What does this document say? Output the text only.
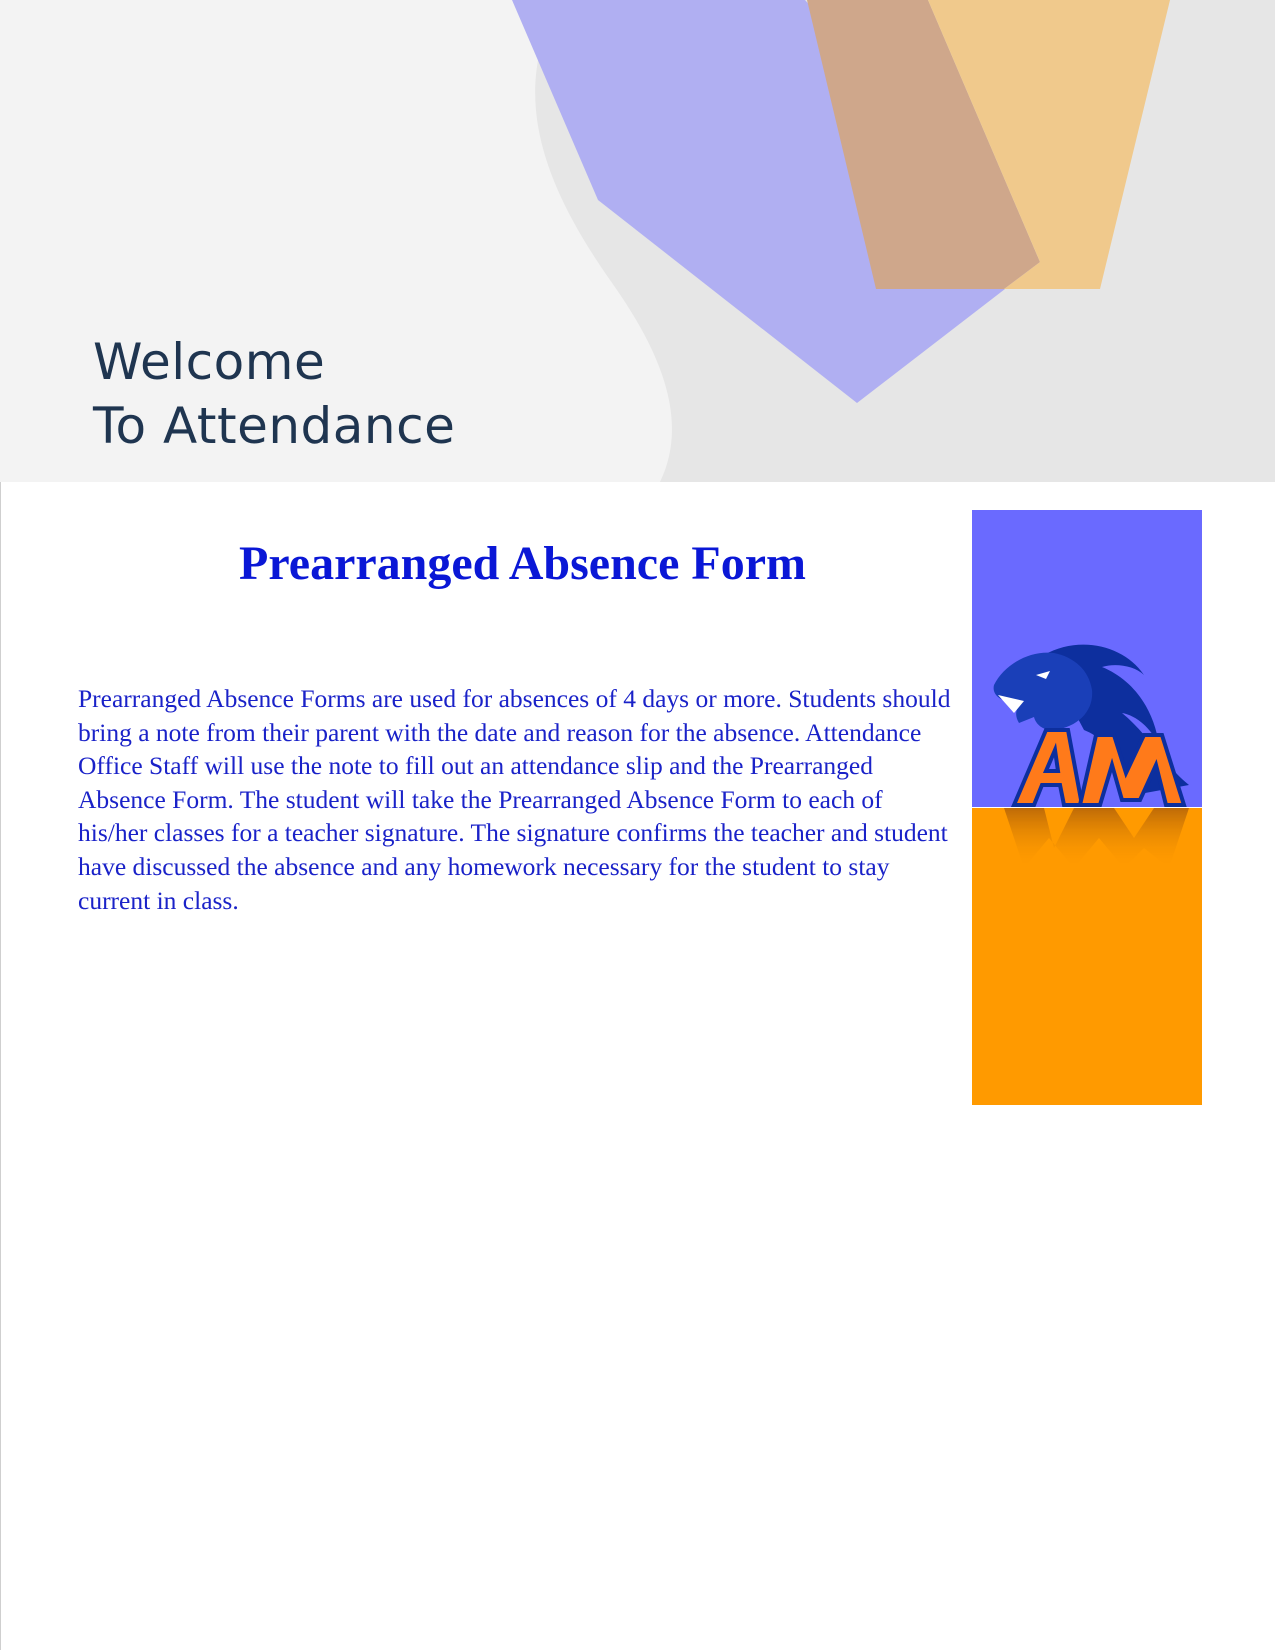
Welcome
To Attendance
Prearranged Absence Form

Prearranged Absence Forms are used for absences of 4 days or more. Students should bring a note from their parent with the date and reason for the absence. Attendance Office Staff will use the note to fill out an attendance slip and the Prearranged Absence Form. The student will take the Prearranged Absence Form to each of his/her classes for a teacher signature. The signature confirms the teacher and student have discussed the absence and any homework necessary for the student to stay current in class.
